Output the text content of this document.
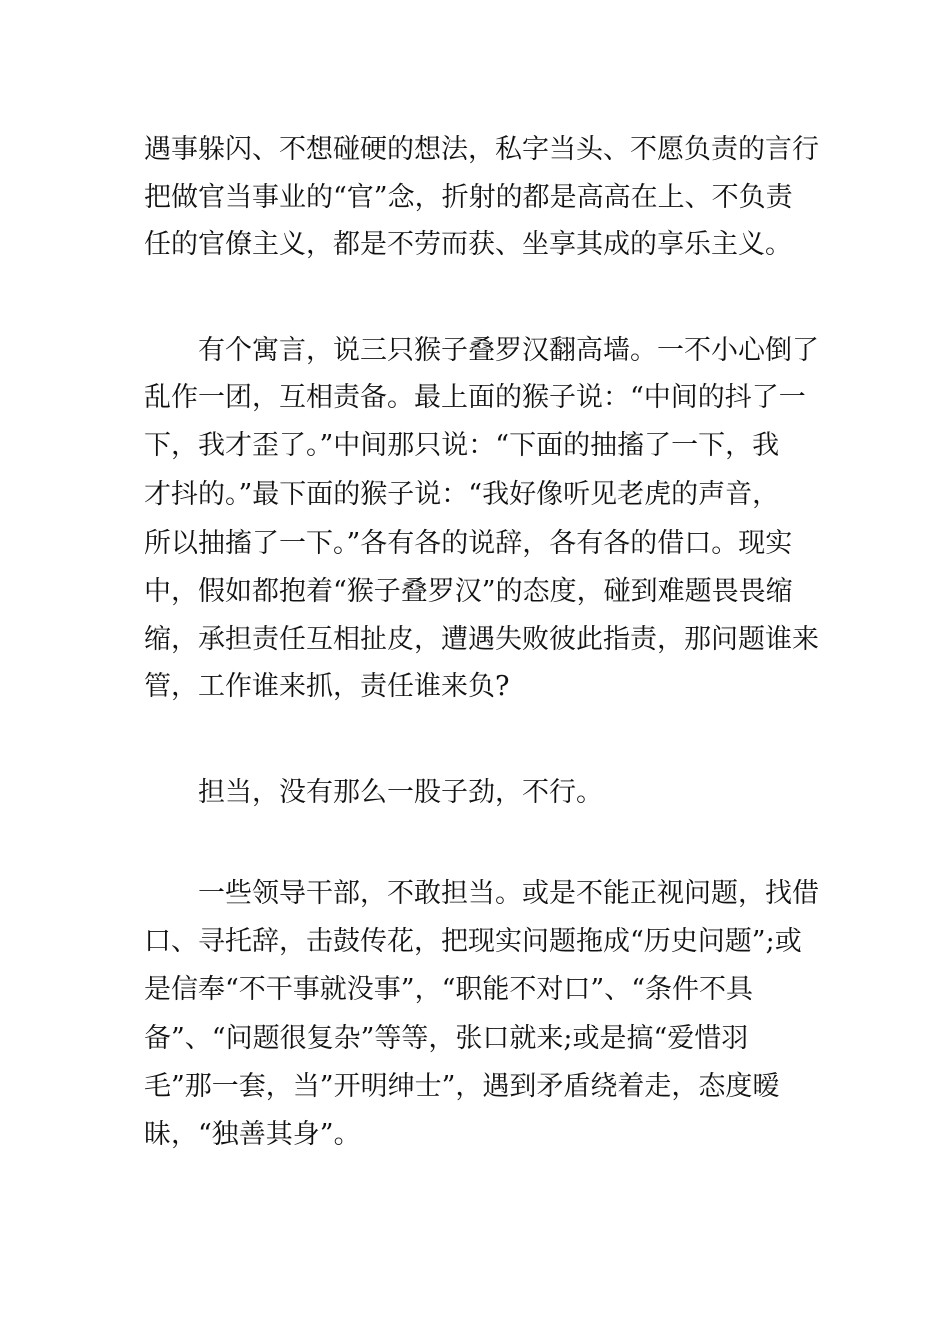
遇事躲闪、不想碰硬的想法，私字当头、不愿负责的言行
把做官当事业的“官”念，折射的都是高高在上、不负责
任的官僚主义，都是不劳而获、坐享其成的享乐主义。
有个寓言，说三只猴子叠罗汉翻高墙。一不小心倒了
乱作一团，互相责备。最上面的猴子说：“中间的抖了一
下，我才歪了。”中间那只说：“下面的抽搐了一下，我
才抖的。”最下面的猴子说：“我好像听见老虎的声音，
所以抽搐了一下。”各有各的说辞，各有各的借口。现实
中，假如都抱着“猴子叠罗汉”的态度，碰到难题畏畏缩
缩，承担责任互相扯皮，遭遇失败彼此指责，那问题谁来
管，工作谁来抓，责任谁来负?
担当，没有那么一股子劲，不行。
一些领导干部，不敢担当。或是不能正视问题，找借
口、寻托辞，击鼓传花，把现实问题拖成“历史问题”;或
是信奉“不干事就没事”，“职能不对口”、“条件不具
备”、“问题很复杂”等等，张口就来;或是搞“爱惜羽
毛”那一套，当”开明绅士”，遇到矛盾绕着走，态度暧
昧，“独善其身”。
